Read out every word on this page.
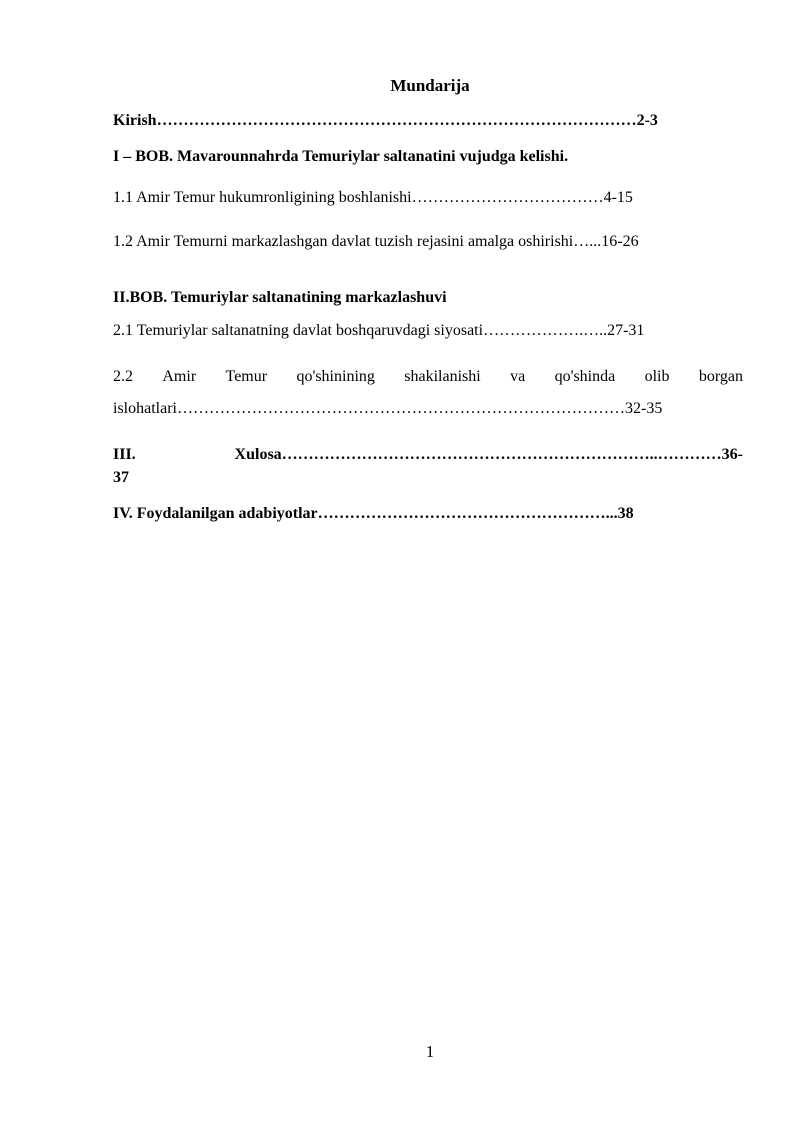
Mundarija
Kirish………………………………………………………………………………2-3
I – BOB. Mavarounnahrda Temuriylar saltanatini vujudga kelishi.
1.1 Amir Temur hukumronligining boshlanishi………………………………4-15
1.2 Amir Temurni markazlashgan davlat tuzish rejasini amalga oshirishi…...16-26
II.BOB. Temuriylar saltanatining markazlashuvi
2.1 Temuriylar saltanatning davlat boshqaruvdagi siyosati……………….…..27-31
2.2 Amir Temur qo'shinining shakilanishi va qo'shinda olib borgan
islohatlari…………………………………………………………………………32-35
III.	Xulosa……………………………………………………………..…………36-
37
IV. Foydalanilgan adabiyotlar………………………………………………...38
1
